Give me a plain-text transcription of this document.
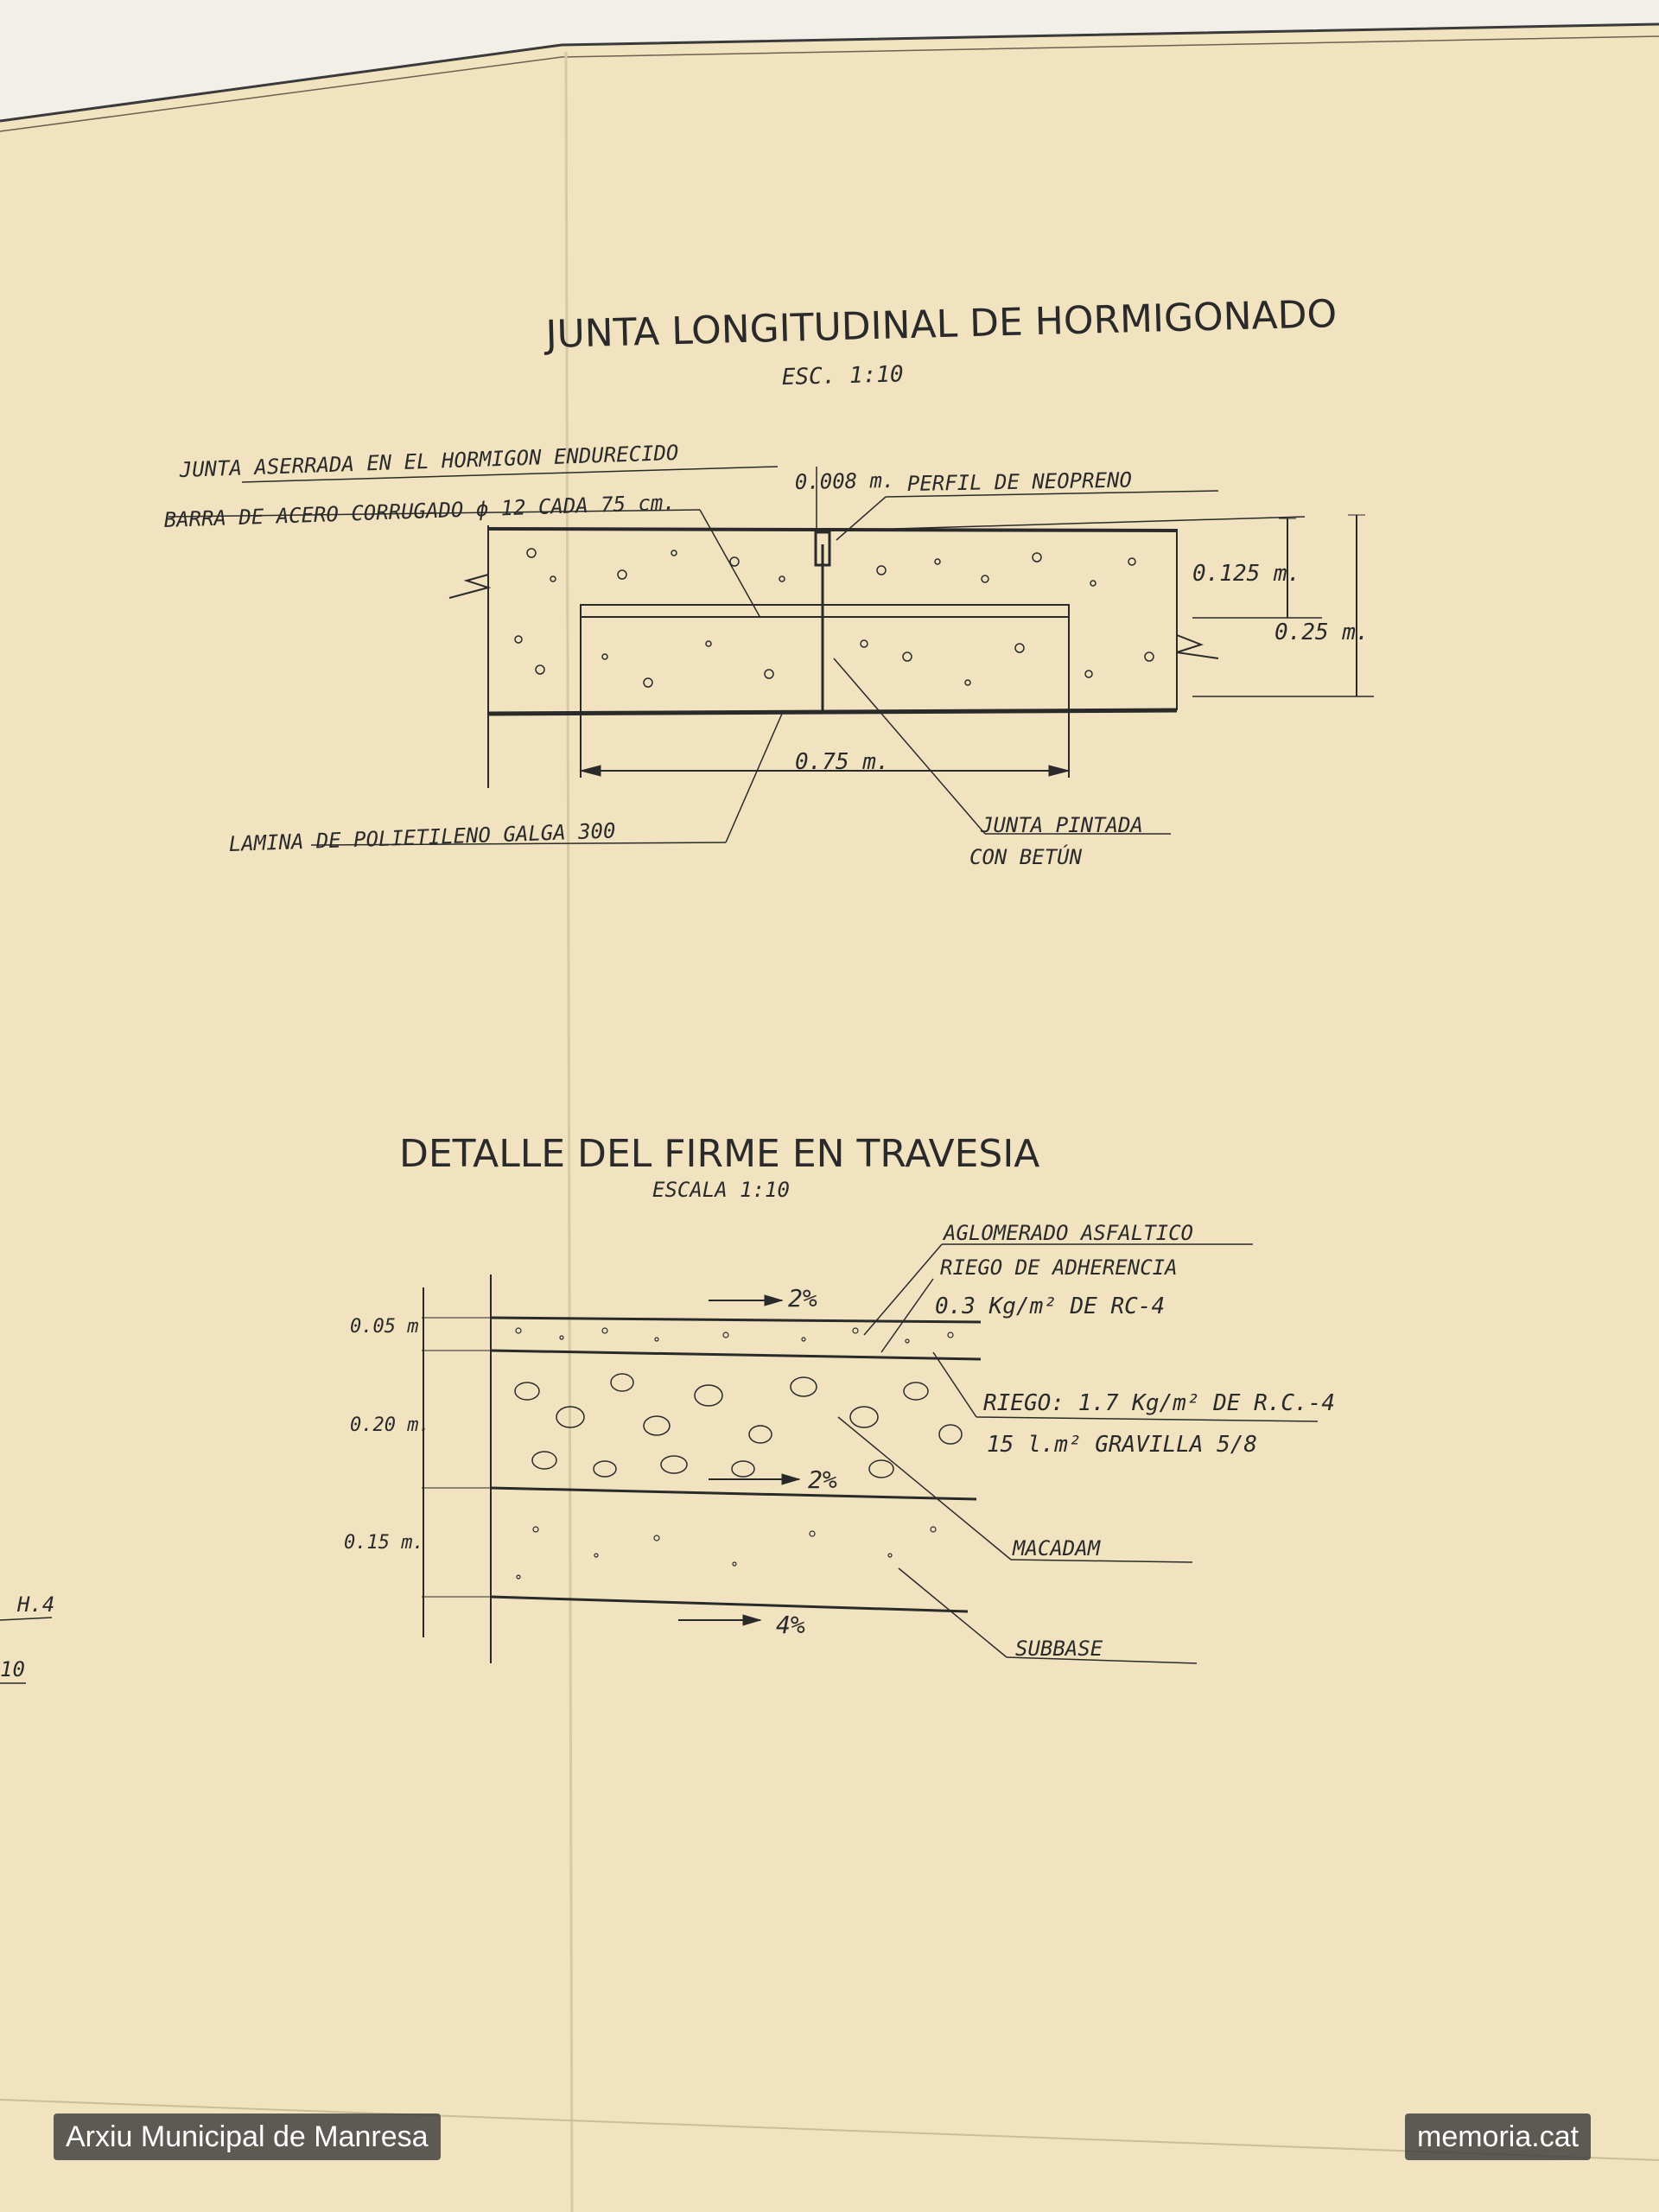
JUNTA LONGITUDINAL DE HORMIGONADO
ESC. 1:10
JUNTA ASERRADA EN EL HORMIGON ENDURECIDO
BARRA DE ACERO CORRUGADO ϕ 12 CADA 75 cm.
0.008 m. PERFIL DE NEOPRENO
0.125 m.
0.25 m.
0.75 m.
LAMINA DE POLIETILENO GALGA 300	JUNTA PINTADA
CON BETÚN
DETALLE DEL FIRME EN TRAVESIA
ESCALA 1:10
0.05 m
0.20 m.
0.15 m.
2%
2%
4%
AGLOMERADO ASFALTICO
RIEGO DE ADHERENCIA
0.3 Kg/m² DE RC-4
RIEGO: 1.7 Kg/m² DE R.C.-4
15 l.m² GRAVILLA 5/8
MACADAM
SUBBASE
H.4
10
Arxiu Municipal de Manresa	memoria.cat
